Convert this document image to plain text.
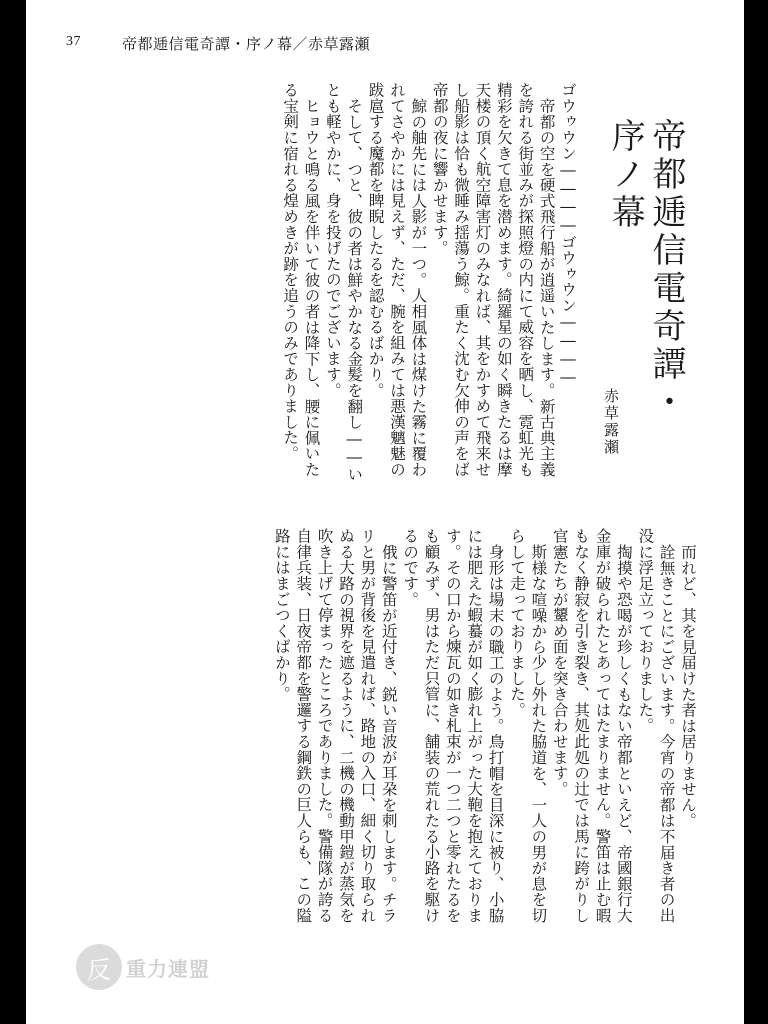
37	帝都逓信電奇譚・序ノ幕／赤草露瀬
帝都逓信電奇譚・序ノ幕
赤草露瀬

ゴウゥウン――――ゴウゥウン――――

帝都の空を硬式飛行船が逍遥いたします。新古典主義を誇れる街並みが探照燈の内にて威容を晒し、霓虹光も精彩を欠きて息を潜めます。綺羅星の如く瞬きたるは摩天楼の頂く航空障害灯のみなれば、其をかすめて飛来せし船影は恰も微睡み揺蕩う鯨。重たく沈む欠伸の声をば帝都の夜に響かせます。

鯨の舳先には人影が一つ。人相風体は煤けた霧に覆われてさやかには見えず、ただ、腕を組みては悪漢魑魅の跋扈する魔都を睥睨したるを認むるばかり。

そして、つと、彼の者は鮮やかなる金髪を翻し――いとも軽やかに、身を投げたのでございます。

ヒョウと鳴る風を伴いて彼の者は降下し、腰に佩いたる宝剣に宿れる煌めきが跡を追うのみでありました。

而れど、其を見届けた者は居りません。

詮無きことにございます。今宵の帝都は不届き者の出没に浮足立っておりました。

掏摸や恐喝が珍しくもない帝都といえど、帝國銀行大金庫が破られたとあってはたまりません。警笛は止む暇もなく静寂を引き裂き、其処此処の辻では馬に跨がりし官憲たちが顰め面を突き合わせます。

斯様な喧噪から少し外れた脇道を、一人の男が息を切らして走っておりました。

身形は場末の職工のよう。鳥打帽を目深に被り、小脇には肥えた蝦蟇が如く膨れ上がった大鞄を抱えております。その口から煉瓦の如き札束が一つ二つと零れたるをも顧みず、男はただ只管に、舗装の荒れたる小路を駆けるのです。

俄に警笛が近付き、鋭い音波が耳朶を刺します。チラリと男が背後を見遣れば、路地の入口、細く切り取られぬる大路の視界を遮るように、二機の機動甲鎧が蒸気を吹き上げて停まったところでありました。警備隊が誇る自律兵装、日夜帝都を警邏する鋼鉄の巨人らも、この隘路にはまごつくばかり。

反 重力連盟
